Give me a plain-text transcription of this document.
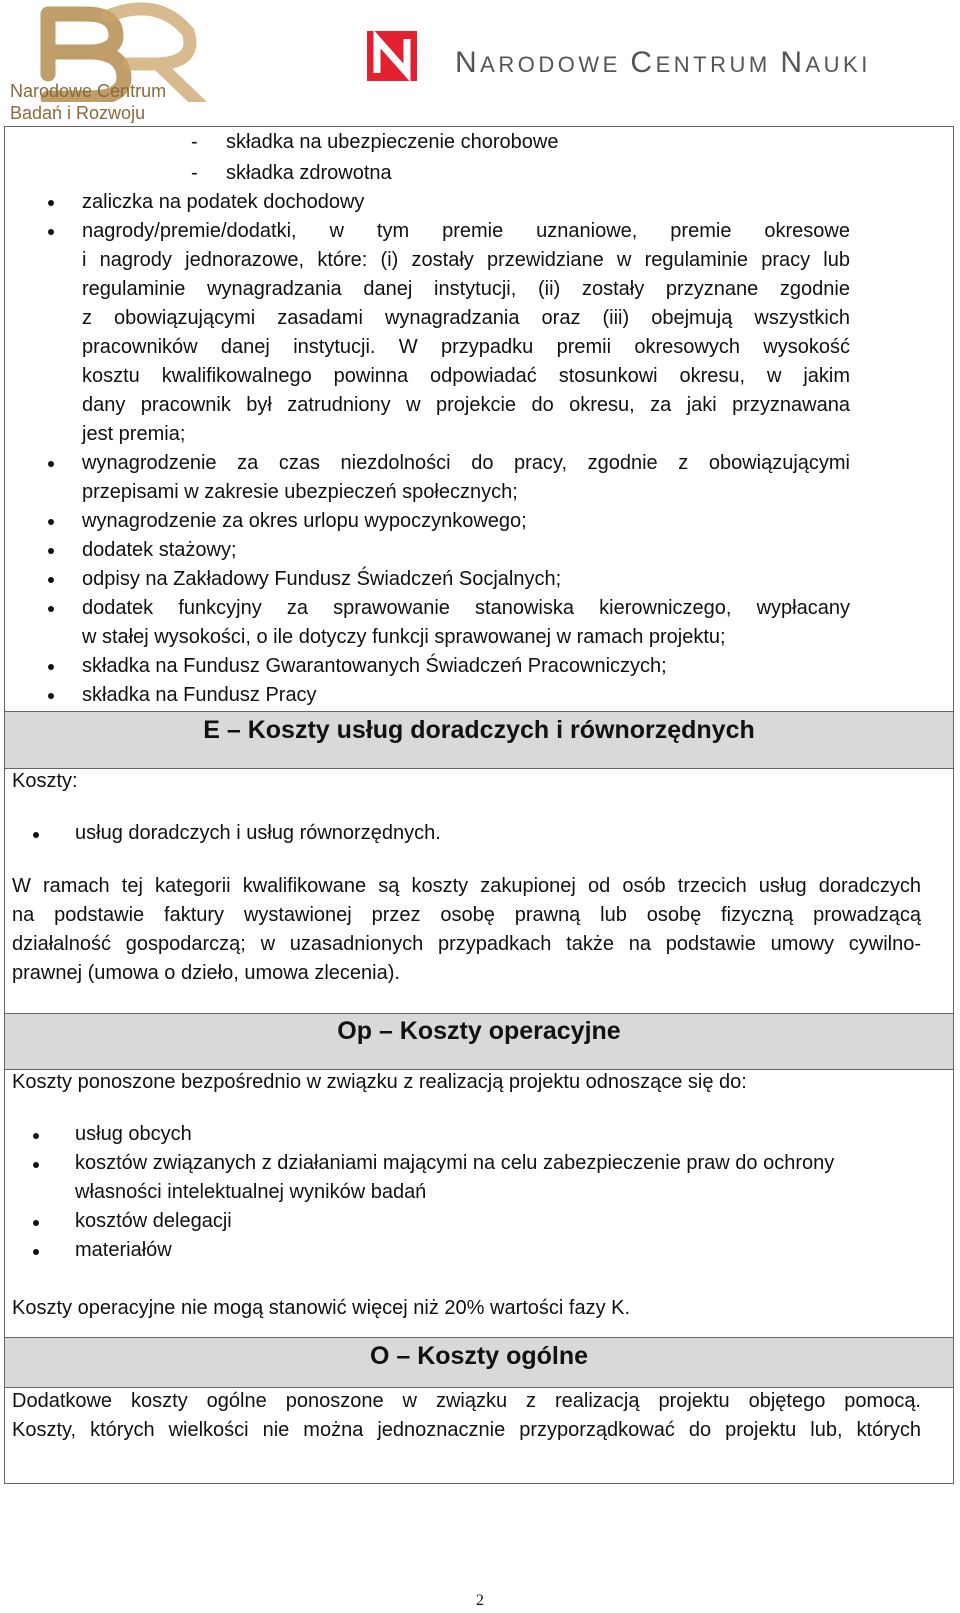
Narodowe Centrum
Badań i Rozwoju
NARODOWE CENTRUM NAUKI
- składka na ubezpieczenie chorobowe
- składka zdrowotna
zaliczka na podatek dochodowy
nagrody/premie/dodatki, w tym premie uznaniowe, premie okresowe
i nagrody jednorazowe, które: (i) zostały przewidziane w regulaminie pracy lub
regulaminie wynagradzania danej instytucji, (ii) zostały przyznane zgodnie
z obowiązującymi zasadami wynagradzania oraz (iii) obejmują wszystkich
pracowników danej instytucji. W przypadku premii okresowych wysokość
kosztu kwalifikowalnego powinna odpowiadać stosunkowi okresu, w jakim
dany pracownik był zatrudniony w projekcie do okresu, za jaki przyznawana
jest premia;
wynagrodzenie za czas niezdolności do pracy, zgodnie z obowiązującymi
przepisami w zakresie ubezpieczeń społecznych;
wynagrodzenie za okres urlopu wypoczynkowego;
dodatek stażowy;
odpisy na Zakładowy Fundusz Świadczeń Socjalnych;
dodatek funkcyjny za sprawowanie stanowiska kierowniczego, wypłacany
w stałej wysokości, o ile dotyczy funkcji sprawowanej w ramach projektu;
składka na Fundusz Gwarantowanych Świadczeń Pracowniczych;
składka na Fundusz Pracy
E – Koszty usług doradczych i równorzędnych
Koszty:
usług doradczych i usług równorzędnych.
W ramach tej kategorii kwalifikowane są koszty zakupionej od osób trzecich usług doradczych
na podstawie faktury wystawionej przez osobę prawną lub osobę fizyczną prowadzącą
działalność gospodarczą; w uzasadnionych przypadkach także na podstawie umowy cywilno-
prawnej (umowa o dzieło, umowa zlecenia).
Op – Koszty operacyjne
Koszty ponoszone bezpośrednio w związku z realizacją projektu odnoszące się do:
usług obcych
kosztów związanych z działaniami mającymi na celu zabezpieczenie praw do ochrony
własności intelektualnej wyników badań
kosztów delegacji
materiałów
Koszty operacyjne nie mogą stanowić więcej niż 20% wartości fazy K.
O – Koszty ogólne
Dodatkowe koszty ogólne ponoszone w związku z realizacją projektu objętego pomocą.
Koszty, których wielkości nie można jednoznacznie przyporządkować do projektu lub, których
2
